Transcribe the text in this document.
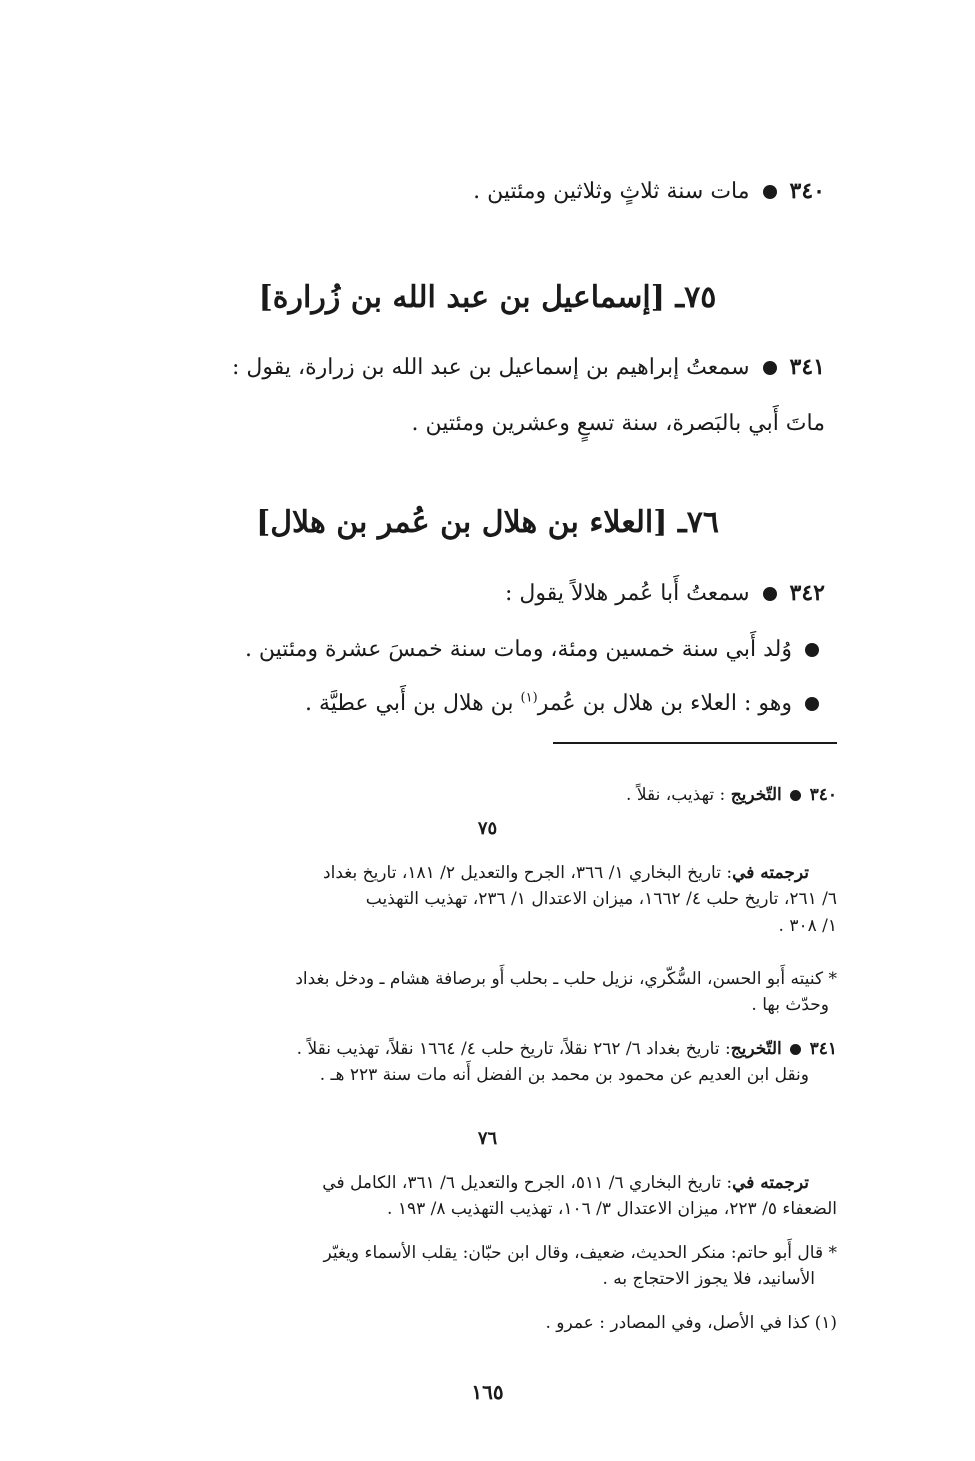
٣٤٠  مات سنة ثلاثٍ وثلاثين ومئتين .
٧٥ـ [إسماعيل بن عبد الله بن زُرارة]
٣٤١  سمعتُ إبراهيم بن إسماعيل بن عبد الله بن زرارة، يقول :
ماتَ أَبي بالبَصرة، سنة تسعٍ وعشرين ومئتين .
٧٦ـ [العلاء بن هلال بن عُمر بن هلال]
٣٤٢  سمعتُ أَبا عُمر هلالاً يقول :
وُلد أَبي سنة خمسين ومئة، ومات سنة خمسَ عشرة ومئتين .
وهو : العلاء بن هلال بن عُمر$^{(١)}$ بن هلال بن أَبي عطيَّة .
٣٤٠  التّخريج : تهذيب، نقلاً .
٧٥
ترجمته في: تاريخ البخاري ١/ ٣٦٦، الجرح والتعديل ٢/ ١٨١، تاريخ بغداد
٦/ ٢٦١، تاريخ حلب ٤/ ١٦٦٢، ميزان الاعتدال ١/ ٢٣٦، تهذيب التهذيب
١/ ٣٠٨ .
* كنيته أَبو الحسن، السُّكّري، نزيل حلب ـ بحلب أَو برصافة هشام ـ ودخل بغداد
وحدّث بها .
٣٤١  التّخريج: تاريخ بغداد ٦/ ٢٦٢ نقلاً، تاريخ حلب ٤/ ١٦٦٤ نقلاً، تهذيب نقلاً .
ونقل ابن العديم عن محمود بن محمد بن الفضل أَنه مات سنة ٢٢٣ هـ .
٧٦
ترجمته في: تاريخ البخاري ٦/ ٥١١، الجرح والتعديل ٦/ ٣٦١، الكامل في
الضعفاء ٥/ ٢٢٣، ميزان الاعتدال ٣/ ١٠٦، تهذيب التهذيب ٨/ ١٩٣ .
* قال أَبو حاتم: منكر الحديث، ضعيف، وقال ابن حبّان: يقلب الأسماء ويغيّر
الأسانيد، فلا يجوز الاحتجاج به .
(١) كذا في الأصل، وفي المصادر : عمرو .
١٦٥
